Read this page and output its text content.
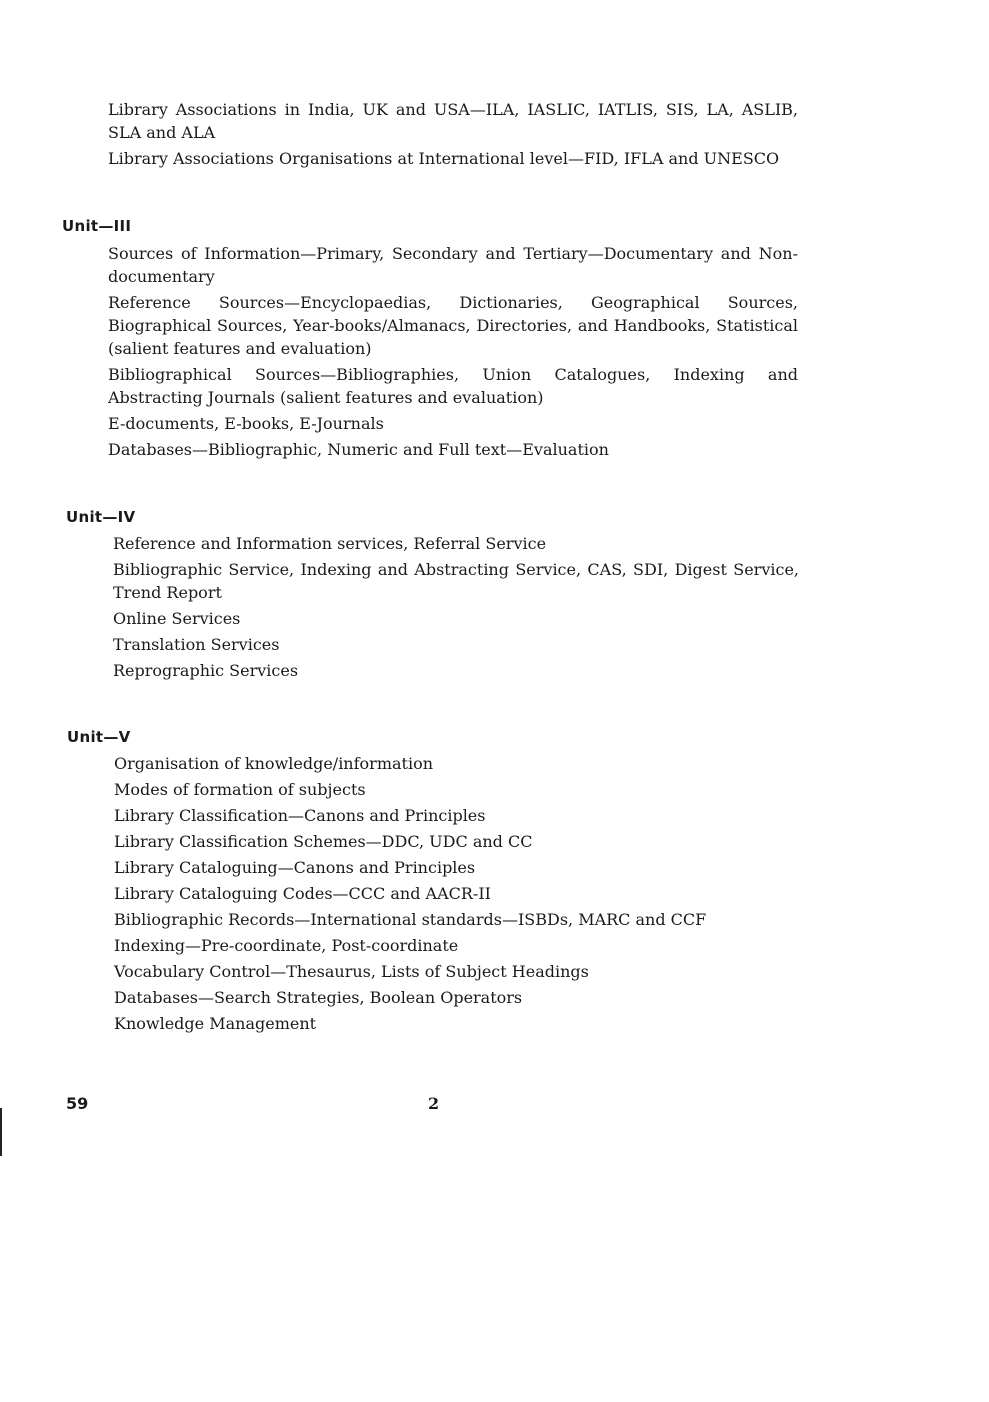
Library Associations in India, UK and USA—ILA, IASLIC, IATLIS, SIS, LA, ASLIB, SLA and ALA

Library Associations Organisations at International level—FID, IFLA and UNESCO

Unit—III

Sources of Information—Primary, Secondary and Tertiary—Documentary and Non-documentary

Reference Sources—Encyclopaedias, Dictionaries, Geographical Sources, Biographical Sources, Year-books/Almanacs, Directories, and Handbooks, Statistical (salient features and evaluation)

Bibliographical Sources—Bibliographies, Union Catalogues, Indexing and Abstracting Journals (salient features and evaluation)

E-documents, E-books, E-Journals

Databases—Bibliographic, Numeric and Full text—Evaluation

Unit—IV

Reference and Information services, Referral Service

Bibliographic Service, Indexing and Abstracting Service, CAS, SDI, Digest Service, Trend Report

Online Services

Translation Services

Reprographic Services

Unit—V

Organisation of knowledge/information

Modes of formation of subjects

Library Classification—Canons and Principles

Library Classification Schemes—DDC, UDC and CC

Library Cataloguing—Canons and Principles

Library Cataloguing Codes—CCC and AACR-II

Bibliographic Records—International standards—ISBDs, MARC and CCF

Indexing—Pre-coordinate, Post-coordinate

Vocabulary Control—Thesaurus, Lists of Subject Headings

Databases—Search Strategies, Boolean Operators

Knowledge Management

59	2
